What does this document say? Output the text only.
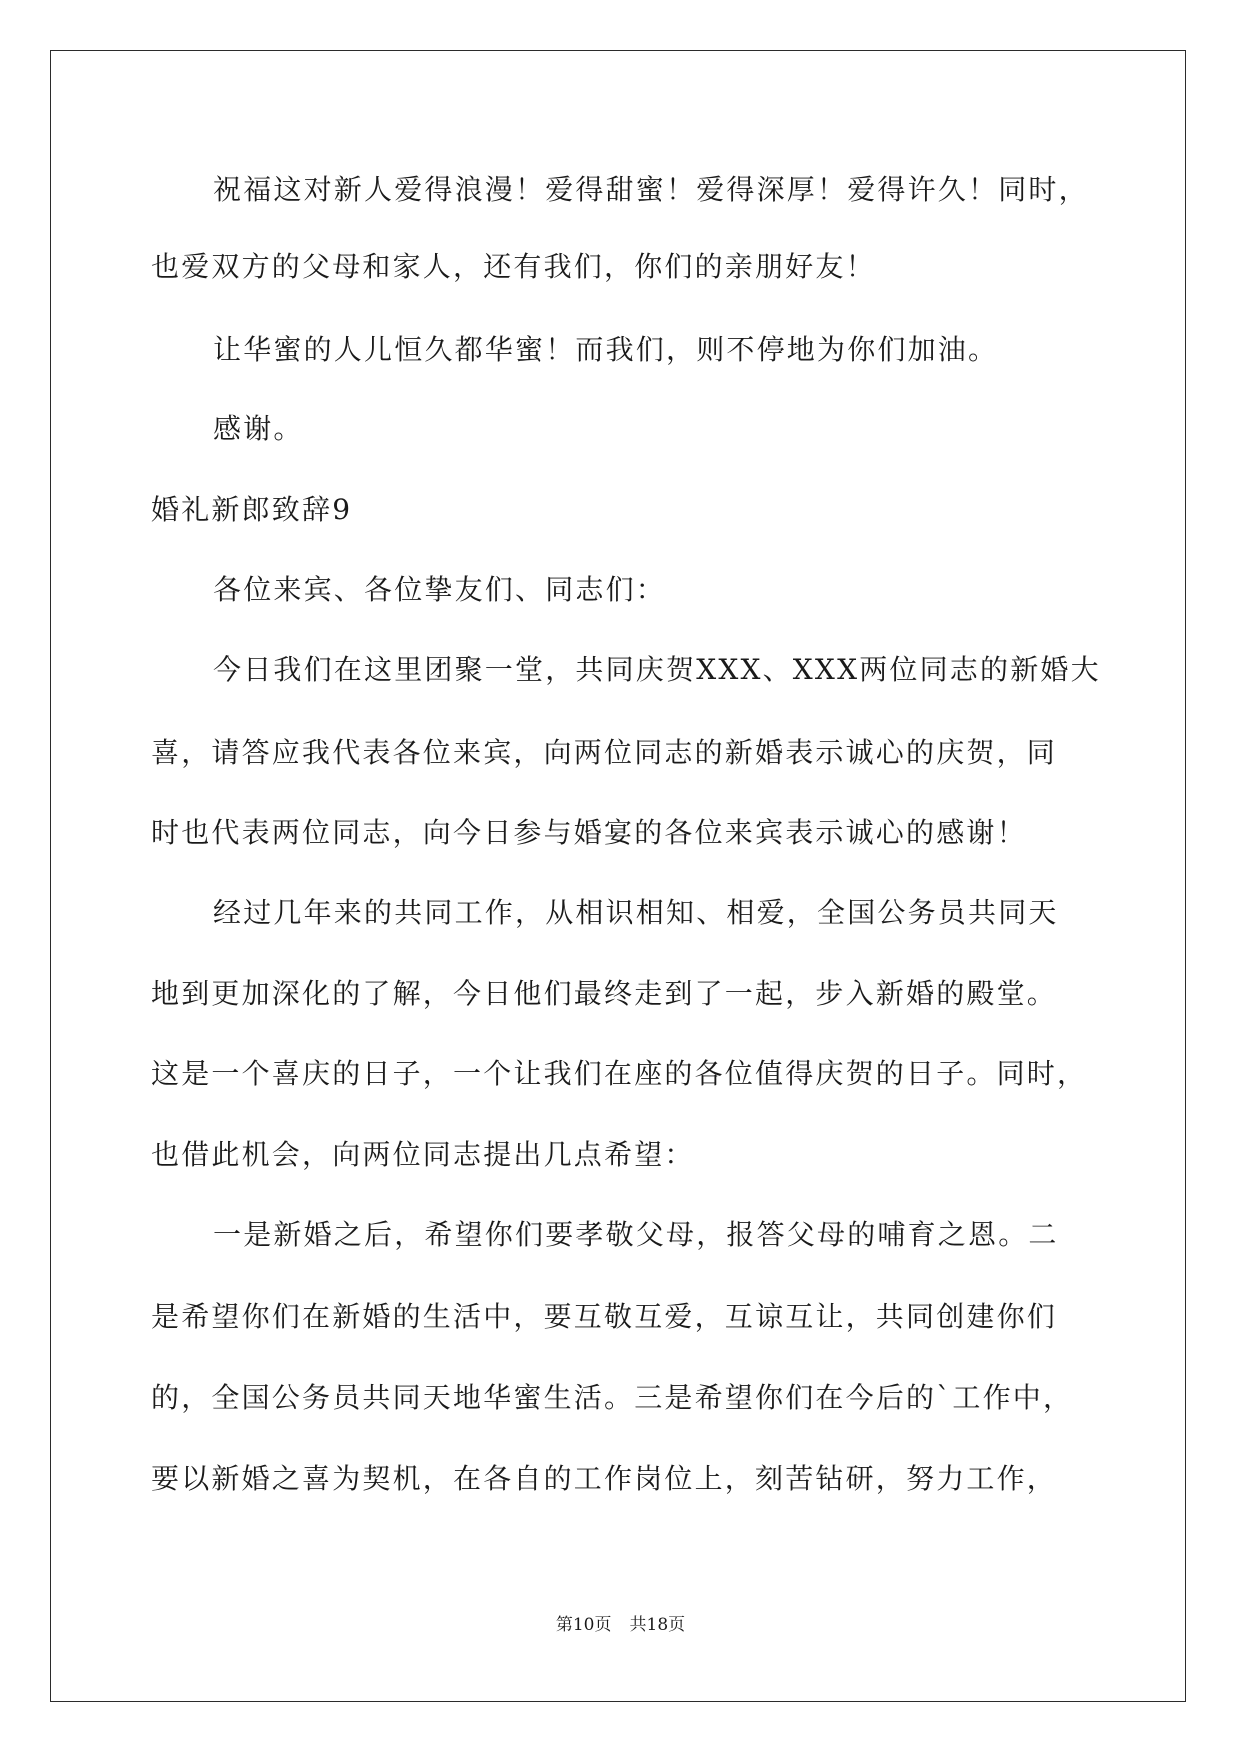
祝福这对新人爱得浪漫！爱得甜蜜！爱得深厚！爱得许久！同时，
也爱双方的父母和家人，还有我们，你们的亲朋好友！
让华蜜的人儿恒久都华蜜！而我们，则不停地为你们加油。
感谢。
婚礼新郎致辞9
各位来宾、各位挚友们、同志们：
今日我们在这里团聚一堂，共同庆贺XXX、XXX两位同志的新婚大
喜，请答应我代表各位来宾，向两位同志的新婚表示诚心的庆贺，同
时也代表两位同志，向今日参与婚宴的各位来宾表示诚心的感谢！
经过几年来的共同工作，从相识相知、相爱，全国公务员共同天
地到更加深化的了解，今日他们最终走到了一起，步入新婚的殿堂。
这是一个喜庆的日子，一个让我们在座的各位值得庆贺的日子。同时，
也借此机会，向两位同志提出几点希望：
一是新婚之后，希望你们要孝敬父母，报答父母的哺育之恩。二
是希望你们在新婚的生活中，要互敬互爱，互谅互让，共同创建你们
的，全国公务员共同天地华蜜生活。三是希望你们在今后的`工作中，
要以新婚之喜为契机，在各自的工作岗位上，刻苦钻研，努力工作，
第10页 共18页
